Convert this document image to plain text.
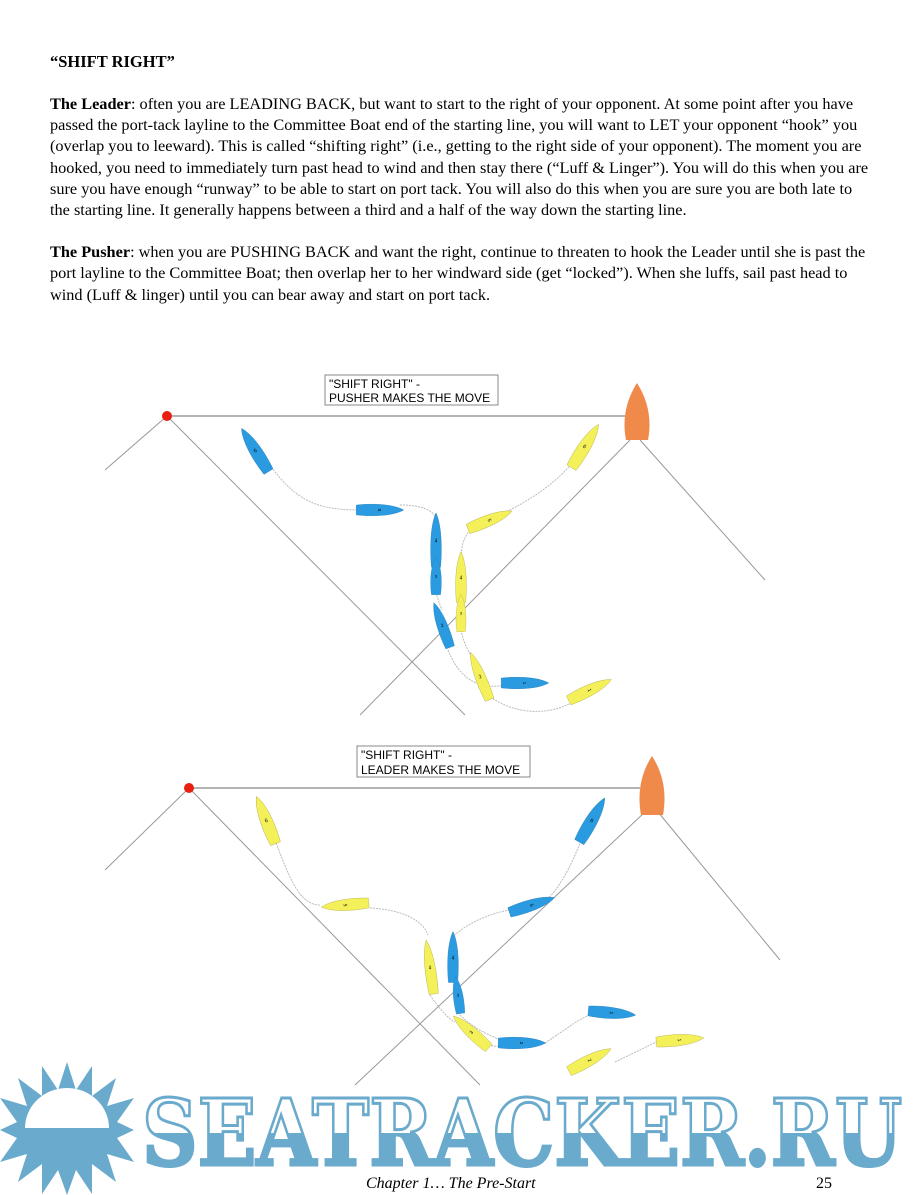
“SHIFT RIGHT”
The Leader: often you are LEADING BACK, but want to start to the right of your opponent. At some point after you have passed the port-tack layline to the Committee Boat end of the starting line, you will want to LET your opponent “hook” you (overlap you to leeward). This is called “shifting right” (i.e., getting to the right side of your opponent). The moment you are hooked, you need to immediately turn past head to wind and then stay there (“Luff & Linger”). You will do this when you are sure you have enough “runway” to be able to start on port tack. You will also do this when you are sure you are both late to the starting line. It generally happens between a third and a half of the way down the starting line.
The Pusher: when you are PUSHING BACK and want the right, continue to threaten to hook the Leader until she is past the port layline to the Committee Boat; then overlap her to her windward side (get “locked”). When she luffs, sail past head to wind (Luff & linger) until you can bear away and start on port tack.
"SHIFT RIGHT" -
PUSHER MAKES THE MOVE
6
5
4
3
2
1
6
5
4
3
2
1
"SHIFT RIGHT" -
LEADER MAKES THE MOVE
6
5
4
3
2
1
6
5
4
3
2
1
SEATRACKER.RU
Chapter 1… The Pre-Start	25
